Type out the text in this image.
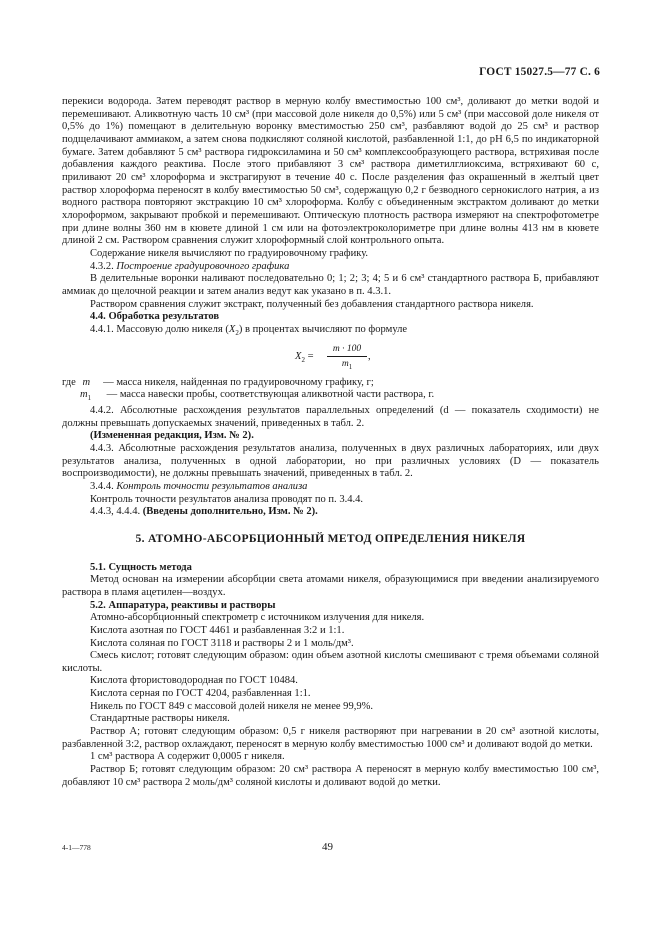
ГОСТ 15027.5—77 С. 6

перекиси водорода. Затем переводят раствор в мерную колбу вместимостью 100 см³, доливают до метки водой и перемешивают. Аликвотную часть 10 см³ (при массовой доле никеля до 0,5%) или 5 см³ (при массовой доле никеля от 0,5% до 1%) помещают в делительную воронку вместимостью 250 см³, разбавляют водой до 25 см³ и раствор подщелачивают аммиаком, а затем снова подкисляют соляной кислотой, разбавленной 1:1, до pH 6,5 по индикаторной бумаге. Затем добавляют 5 см³ раствора гидроксиламина и 50 см³ комплексообразующего раствора, встряхивая после добавления каждого реактива. После этого прибавляют 3 см³ раствора диметилглиоксима, встряхивают 60 с, приливают 20 см³ хлороформа и экстрагируют в течение 40 с. После разделения фаз окрашенный в желтый цвет раствор хлороформа переносят в колбу вместимостью 50 см³, содержащую 0,2 г безводного сернокислого натрия, а из водного раствора повторяют экстракцию 10 см³ хлороформа. Колбу с объединенным экстрактом доливают до метки хлороформом, закрывают пробкой и перемешивают. Оптическую плотность раствора измеряют на спектрофотометре при длине волны 360 нм в кювете длиной 1 см или на фотоэлектроколориметре при длине волны 413 нм в кювете длиной 2 см. Раствором сравнения служит хлороформный слой контрольного опыта.

Содержание никеля вычисляют по градуировочному графику.

4.3.2. Построение градуировочного графика

В делительные воронки наливают последовательно 0; 1; 2; 3; 4; 5 и 6 см³ стандартного раствора Б, прибавляют аммиак до щелочной реакции и затем анализ ведут как указано в п. 4.3.1.

Раствором сравнения служит экстракт, полученный без добавления стандартного раствора никеля.

4.4. Обработка результатов

4.4.1. Массовую долю никеля $(X_2)$ в процентах вычисляют по формуле

$X_2 = \frac{m \cdot 100}{m_1}$ ,

где m — масса никеля, найденная по градуировочному графику, г;

$m_1$ — масса навески пробы, соответствующая аликвотной части раствора, г.

4.4.2. Абсолютные расхождения результатов параллельных определений (d — показатель сходимости) не должны превышать допускаемых значений, приведенных в табл. 2.

(Измененная редакция, Изм. № 2).

4.4.3. Абсолютные расхождения результатов анализа, полученных в двух различных лабораториях, или двух результатов анализа, полученных в одной лаборатории, но при различных условиях (D — показатель воспроизводимости), не должны превышать значений, приведенных в табл. 2.

3.4.4. Контроль точности результатов анализа

Контроль точности результатов анализа проводят по п. 3.4.4.

4.4.3, 4.4.4. (Введены дополнительно, Изм. № 2).

5. АТОМНО-АБСОРБЦИОННЫЙ МЕТОД ОПРЕДЕЛЕНИЯ НИКЕЛЯ

5.1. Сущность метода

Метод основан на измерении абсорбции света атомами никеля, образующимися при введении анализируемого раствора в пламя ацетилен—воздух.

5.2. Аппаратура, реактивы и растворы

Атомно-абсорбционный спектрометр с источником излучения для никеля.

Кислота азотная по ГОСТ 4461 и разбавленная 3:2 и 1:1.

Кислота соляная по ГОСТ 3118 и растворы 2 и 1 моль/дм³.

Смесь кислот; готовят следующим образом: один объем азотной кислоты смешивают с тремя объемами соляной кислоты.

Кислота фтористоводородная по ГОСТ 10484.

Кислота серная по ГОСТ 4204, разбавленная 1:1.

Никель по ГОСТ 849 с массовой долей никеля не менее 99,9%.

Стандартные растворы никеля.

Раствор А; готовят следующим образом: 0,5 г никеля растворяют при нагревании в 20 см³ азотной кислоты, разбавленной 3:2, раствор охлаждают, переносят в мерную колбу вместимостью 1000 см³ и доливают водой до метки.

1 см³ раствора А содержит 0,0005 г никеля.

Раствор Б; готовят следующим образом: 20 см³ раствора А переносят в мерную колбу вместимостью 100 см³, добавляют 10 см³ раствора 2 моль/дм³ соляной кислоты и доливают водой до метки.

4-1—778	49
